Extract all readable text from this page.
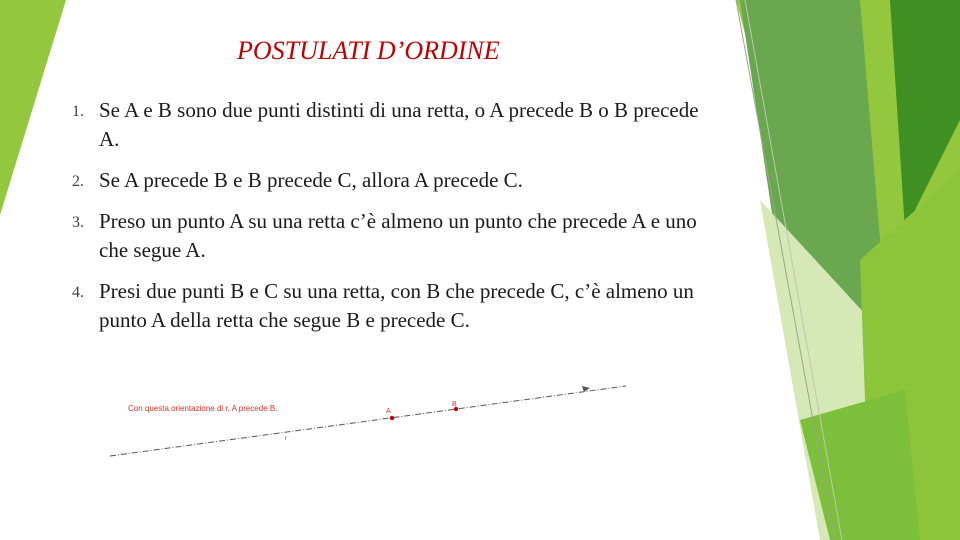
POSTULATI D’ORDINE
1. Se A e B sono due punti distinti di una retta, o A precede B o B precede A.
2. Se A precede B e B precede C, allora A precede C.
3. Preso un punto A su una retta c’è almeno un punto che precede A e uno che segue A.
4. Presi due punti B e C su una retta, con B che precede C, c’è almeno un punto A della retta che segue B e precede C.
Con questa orientazione di r, A precede B.	A
B
r
